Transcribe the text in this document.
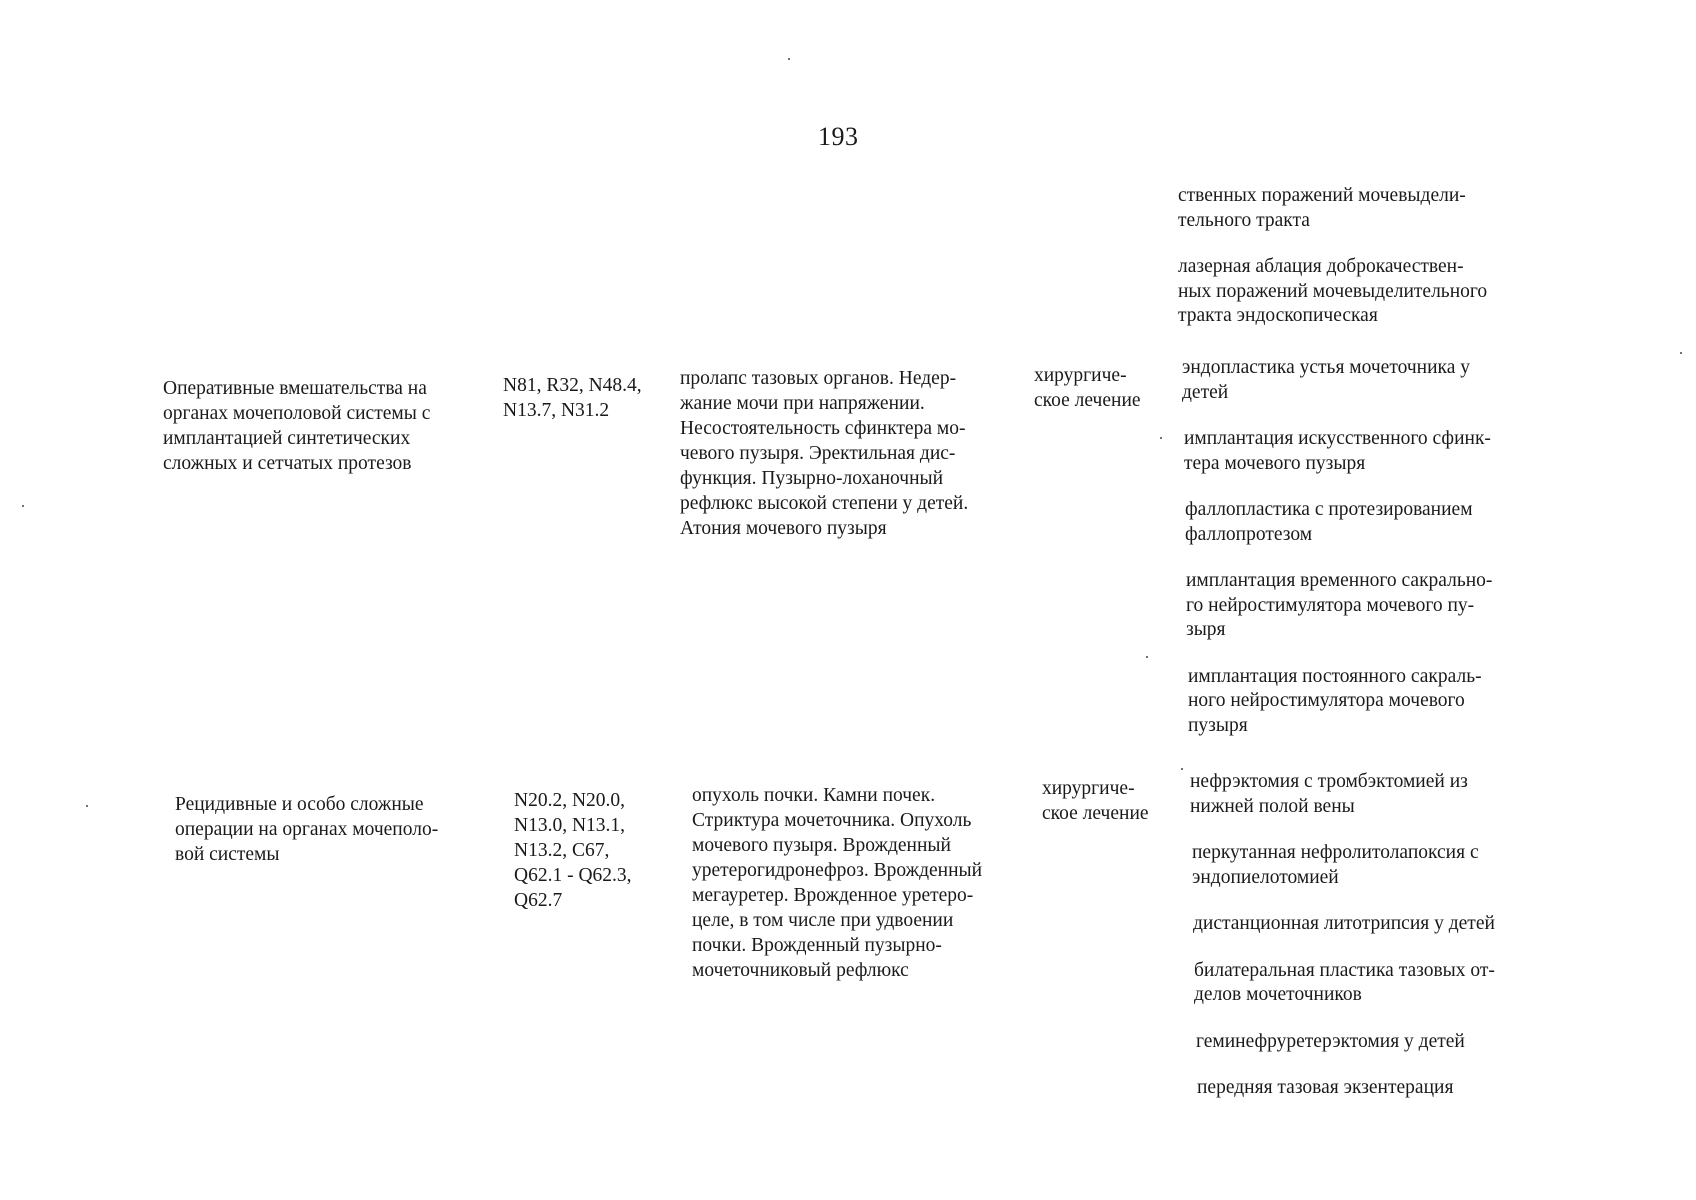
193
ственных поражений мочевыдели-
тельного тракта
лазерная аблация доброкачествен-
ных поражений мочевыделительного
тракта эндоскопическая
Оперативные вмешательства на
органах мочеполовой системы с
имплантацией синтетических
сложных и сетчатых протезов
N81, R32, N48.4,
N13.7, N31.2
пролапс тазовых органов. Недер-
жание мочи при напряжении.
Несостоятельность сфинктера мо-
чевого пузыря. Эректильная дис-
функция. Пузырно-лоханочный
рефлюкс высокой степени у детей.
Атония мочевого пузыря
хирургиче-
ское лечение
эндопластика устья мочеточника у
детей
имплантация искусственного сфинк-
тера мочевого пузыря
фаллопластика с протезированием
фаллопротезом
имплантация временного сакрально-
го нейростимулятора мочевого пу-
зыря
имплантация постоянного сакраль-
ного нейростимулятора мочевого
пузыря
Рецидивные и особо сложные
операции на органах мочеполо-
вой системы
N20.2, N20.0,
N13.0, N13.1,
N13.2, C67,
Q62.1 - Q62.3,
Q62.7
опухоль почки. Камни почек.
Стриктура мочеточника. Опухоль
мочевого пузыря. Врожденный
уретерогидронефроз. Врожденный
мегауретер. Врожденное уретеро-
целе, в том числе при удвоении
почки. Врожденный пузырно-
мочеточниковый рефлюкс
хирургиче-
ское лечение
нефрэктомия с тромбэктомией из
нижней полой вены
перкутанная нефролитолапоксия с
эндопиелотомией
дистанционная литотрипсия у детей
билатеральная пластика тазовых от-
делов мочеточников
геминефруретерэктомия у детей
передняя тазовая экзентерация
